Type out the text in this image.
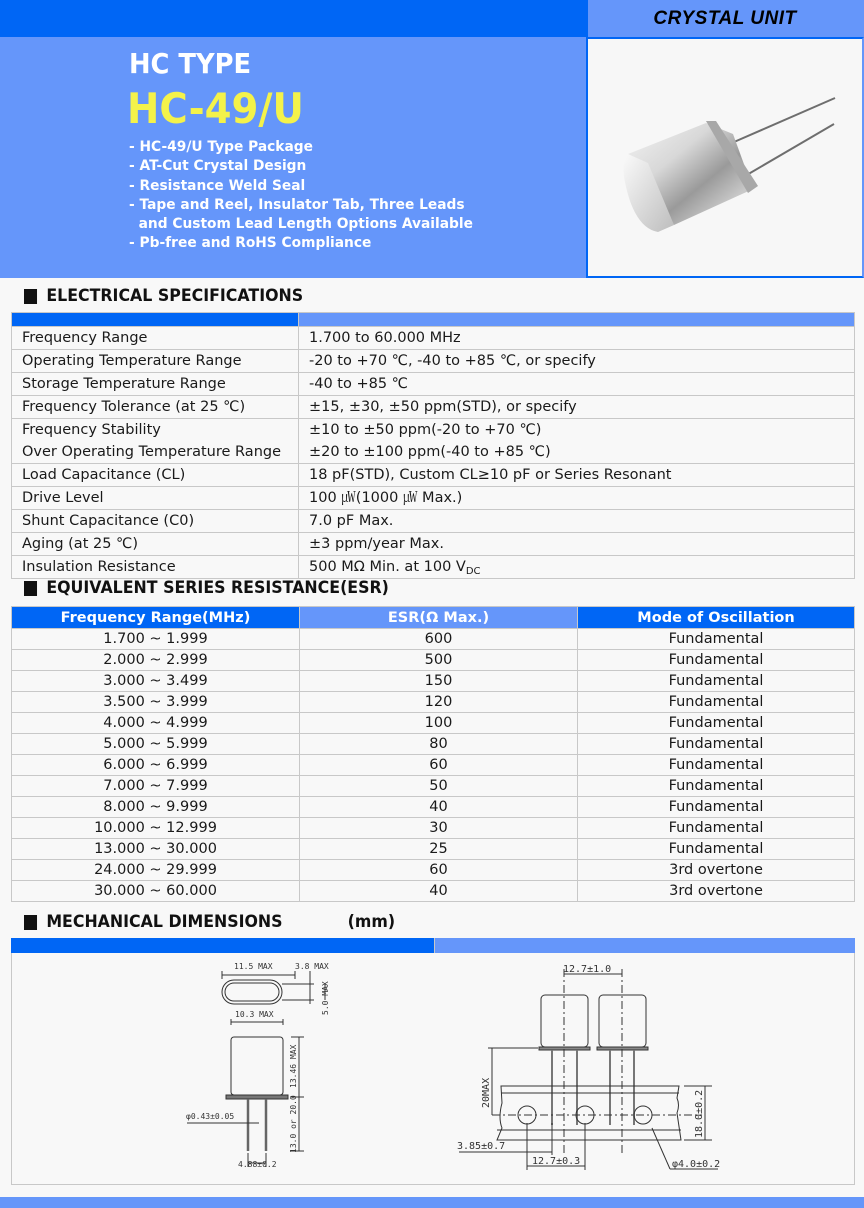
CRYSTAL UNIT
HC TYPE
HC-49/U
- HC-49/U Type Package
- AT-Cut Crystal Design
- Resistance Weld Seal
- Tape and Reel, Insulator Tab, Three Leads
and Custom Lead Length Options Available
- Pb-free and RoHS Compliance
ELECTRICAL SPECIFICATIONS

Frequency Range	1.700 to 60.000 MHz

Operating Temperature Range	-20 to +70 ℃, -40 to +85 ℃, or specify

Storage Temperature Range	-40 to +85 ℃

Frequency Tolerance (at 25 ℃)	±15, ±30, ±50 ppm(STD), or specify

Frequency Stability
Over Operating Temperature Range	±10 to ±50 ppm(-20 to +70 ℃)
±20 to ±100 ppm(-40 to +85 ℃)

Load Capacitance (CL)	18 pF(STD), Custom CL≥10 pF or Series Resonant

Drive Level	100 ㎼(1000 ㎼ Max.)

Shunt Capacitance (C0)	7.0 pF Max.

Aging (at 25 ℃)	±3 ppm/year Max.

Insulation Resistance	500 MΩ Min. at 100 $V_{DC}$
EQUIVALENT SERIES RESISTANCE(ESR)
Frequency Range(MHz)	ESR(Ω Max.)	Mode of Oscillation
1.700 ~ 1.999	600	Fundamental
2.000 ~ 2.999	500	Fundamental
3.000 ~ 3.499	150	Fundamental
3.500 ~ 3.999	120	Fundamental
4.000 ~ 4.999	100	Fundamental
5.000 ~ 5.999	80	Fundamental
6.000 ~ 6.999	60	Fundamental
7.000 ~ 7.999	50	Fundamental
8.000 ~ 9.999	40	Fundamental
10.000 ~ 12.999	30	Fundamental
13.000 ~ 30.000	25	Fundamental
24.000 ~ 29.999	60	3rd overtone
30.000 ~ 60.000	40	3rd overtone
MECHANICAL DIMENSIONS	(mm)
11.5 MAX	3.8 MAX
5.0 MAX
10.3 MAX
13.46 MAX
13.0 or 20.0
φ0.43±0.05
4.88±0.2
12.7±1.0
20MAX	18.0±0.2
3.85±0.7
12.7±0.3	φ4.0±0.2
